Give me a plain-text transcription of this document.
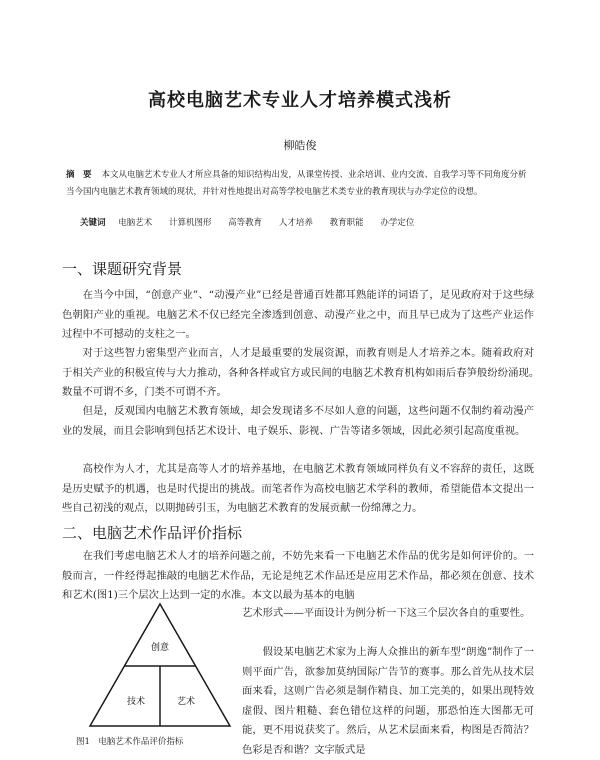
高校电脑艺术专业人才培养模式浅析
柳皓俊
摘　要 本文从电脑艺术专业人才所应具备的知识结构出发，从课堂传授、业余培训、业内交流、自我学习等不同角度分析当今国内电脑艺术教育领域的现状，并针对性地提出对高等学校电脑艺术类专业的教育现状与办学定位的设想。
关键词 电脑艺术 计算机图形 高等教育 人才培养 教育职能 办学定位
一、课题研究背景
在当今中国，“创意产业”、“动漫产业”已经是普通百姓都耳熟能详的词语了，足见政府对于这些绿色朝阳产业的重视。电脑艺术不仅已经完全渗透到创意、动漫产业之中，而且早已成为了这些产业运作过程中不可撼动的支柱之一。
对于这些智力密集型产业而言，人才是最重要的发展资源，而教育则是人才培养之本。随着政府对于相关产业的积极宣传与大力推动，各种各样或官方或民间的电脑艺术教育机构如雨后春笋般纷纷涌现。　　数量不可谓不多，门类不可谓不齐。
但是，反观国内电脑艺术教育领域，却会发现诸多不尽如人意的问题，这些问题不仅制约着动漫产业的发展，而且会影响到包括艺术设计、电子娱乐、影视、广告等诸多领域，因此必须引起高度重视。
高校作为人才，尤其是高等人才的培养基地，在电脑艺术教育领域同样负有义不容辞的责任，这既是历史赋予的机遇，也是时代提出的挑战。而笔者作为高校电脑艺术学科的教师，希望能借本文提出一些自己初浅的观点，以期抛砖引玉，为电脑艺术教育的发展贡献一份绵薄之力。
二、电脑艺术作品评价指标
在我们考虑电脑艺术人才的培养问题之前，不妨先来看一下电脑艺术作品的优劣是如何评价的。一般而言，一件经得起推敲的电脑艺术作品，无论是纯艺术作品还是应用艺术作品，都必须在创意、技术和艺术(图1)三个层次上达到一定的水准。本文以最为基本的电脑
艺术形式——平面设计为例分析一下这三个层次各自的重要性。
假设某电脑艺术家为上海人众推出的新车型“朗逸”制作了一则平面广告，欲参加莫纳国际广告节的赛事。那么首先从技术层面来看，这则广告必须是制作精良、加工完美的，如果出现特效虚假、图片粗糙、套色错位这样的问题，那恐怕连大图都无可能，更不用说获奖了。然后，从艺术层面来看，构图是否简洁？色彩是否和谐？文字版式是
创意
技术	艺术
图1　电脑艺术作品评价指标
